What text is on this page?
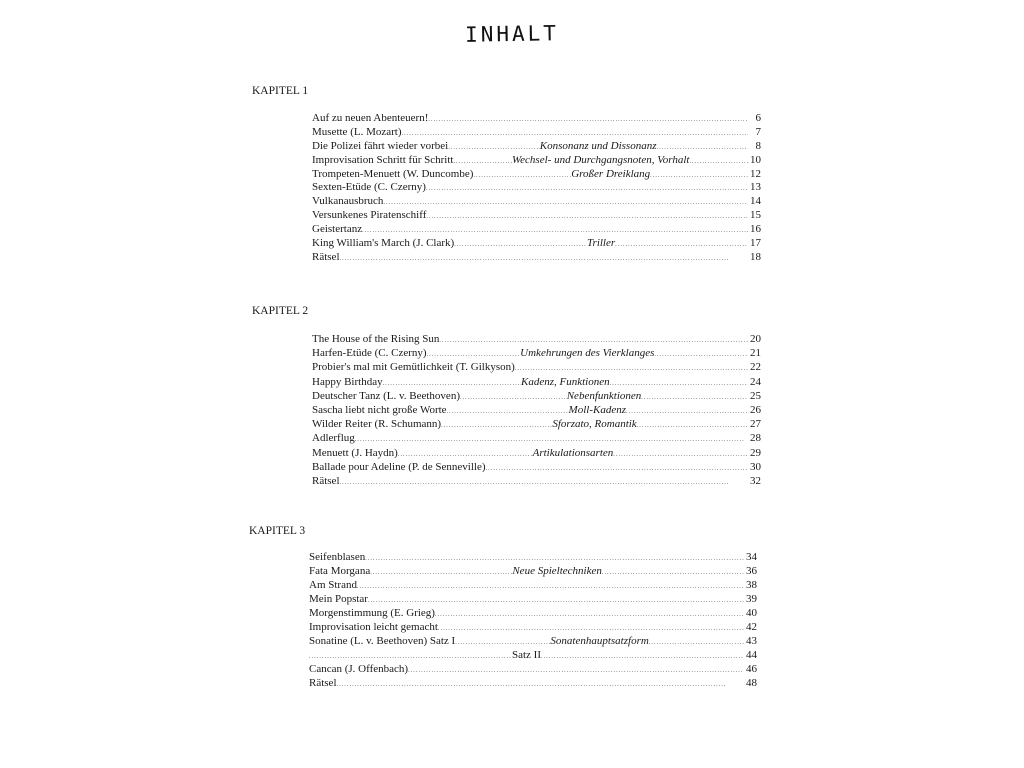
INHALT
KAPITEL 1
Auf zu neuen Abenteuern! . . .	6
Musette (L. Mozart) . . .	7
Die Polizei fährt wieder vorbei . . .	Konsonanz und Dissonanz . . .	8
Improvisation Schritt für Schritt . . .	Wechsel- und Durchgangsnoten, Vorhalt . . .	10
Trompeten-Menuett (W. Duncombe) . . .	Großer Dreiklang . . .	12
Sexten-Etüde (C. Czerny) . . .	13
Vulkanausbruch . . .	14
Versunkenes Piratenschiff . . .	15
Geistertanz . . .	16
King William's March (J. Clark) . . .	Triller . . .	17
Rätsel . . .	18
KAPITEL 2
The House of the Rising Sun . . .	20
Harfen-Etüde (C. Czerny) . . .	Umkehrungen des Vierklanges . . .	21
Probier's mal mit Gemütlichkeit (T. Gilkyson) . . .	22
Happy Birthday . . .	Kadenz, Funktionen . . .	24
Deutscher Tanz (L. v. Beethoven) . . .	Nebenfunktionen . . .	25
Sascha liebt nicht große Worte . . .	Moll-Kadenz . . .	26
Wilder Reiter (R. Schumann) . . .	Sforzato, Romantik . . .	27
Adlerflug . . .	28
Menuett (J. Haydn) . . .	Artikulationsarten . . .	29
Ballade pour Adeline (P. de Senneville) . . .	30
Rätsel . . .	32
KAPITEL 3
Seifenblasen . . .	34
Fata Morgana . . .	Neue Spieltechniken . . .	36
Am Strand . . .	38
Mein Popstar . . .	39
Morgenstimmung (E. Grieg) . . .	40
Improvisation leicht gemacht . . .	42
Sonatine (L. v. Beethoven) Satz I . . .	Sonatenhauptsatzform . . .	43
. . .
Satz II . . .	44
Cancan (J. Offenbach) . . .	46
Rätsel . . .	48
